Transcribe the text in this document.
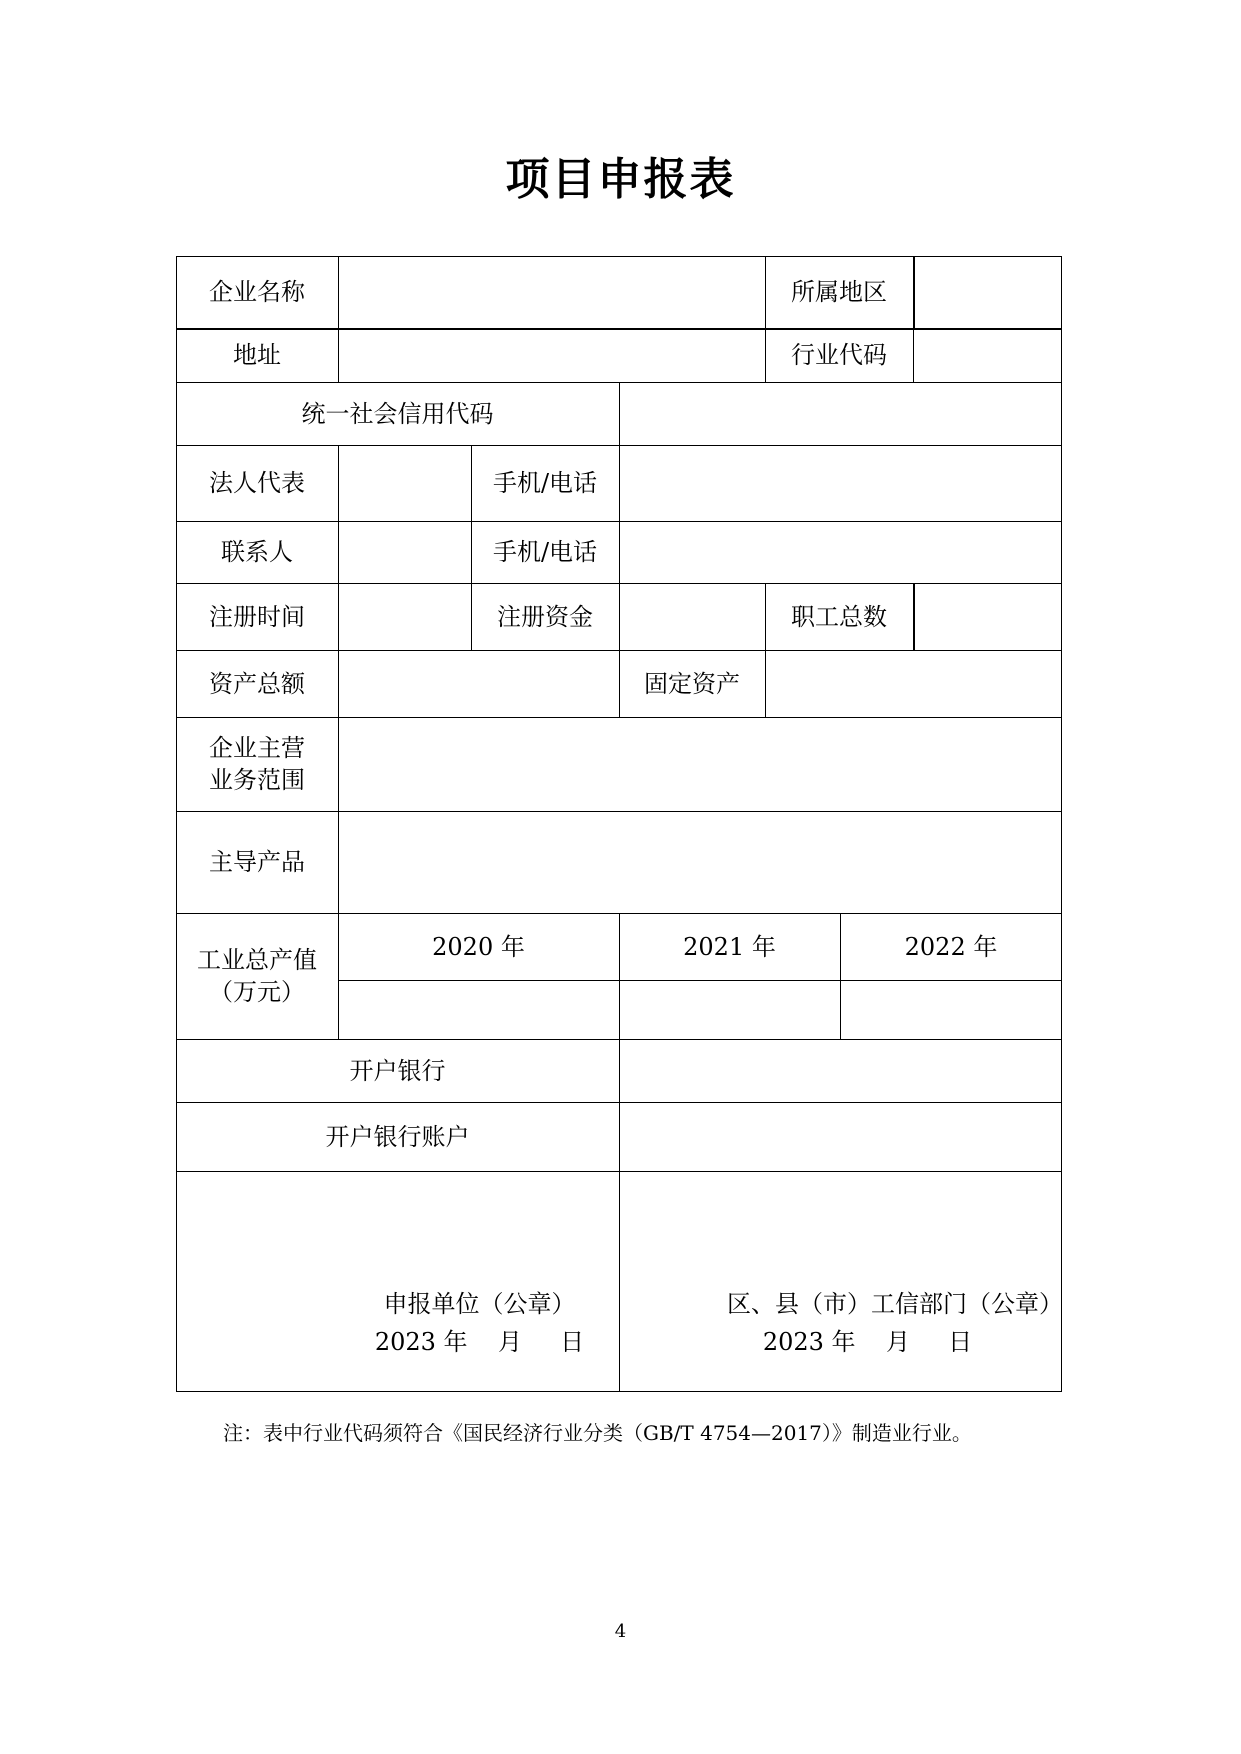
项目申报表
企业名称	所属地区
地址	行业代码
统一社会信用代码
法人代表	手机/电话
联系人	手机/电话
注册时间	注册资金	职工总数
资产总额	固定资产
企业主营
业务范围
主导产品
工业总产值
（万元）
2020 年	2021 年	2022 年
开户银行
开户银行账户
申报单位（公章）
2023 年    月     日
区、县（市）工信部门（公章）
2023 年    月     日
注：表中行业代码须符合《国民经济行业分类（GB/T 4754—2017）》制造业行业。
4
